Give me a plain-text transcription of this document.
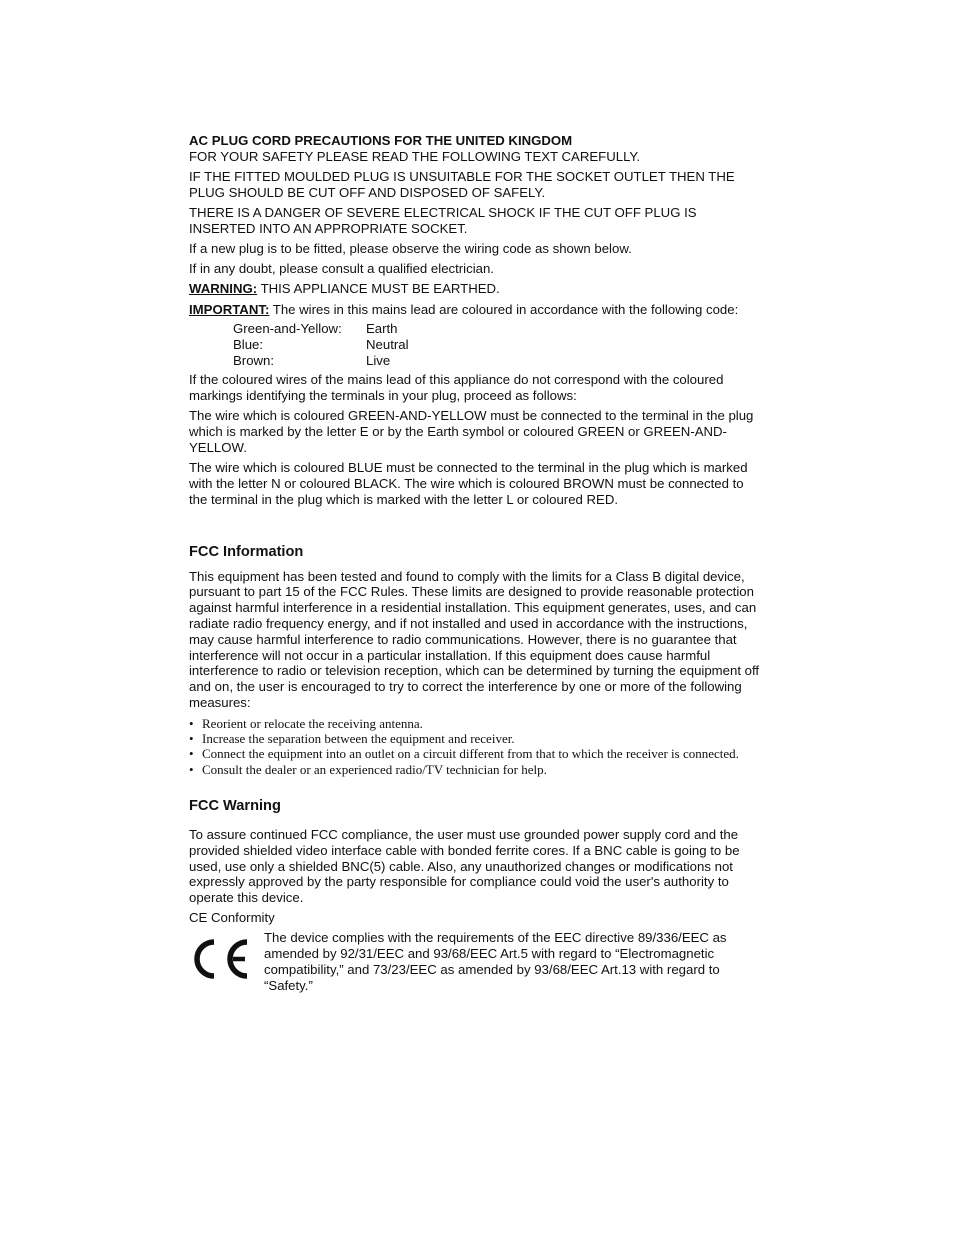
AC PLUG CORD PRECAUTIONS FOR THE UNITED KINGDOM

FOR YOUR SAFETY PLEASE READ THE FOLLOWING TEXT CAREFULLY.

IF THE FITTED MOULDED PLUG IS UNSUITABLE FOR THE SOCKET OUTLET THEN THE PLUG SHOULD BE CUT OFF AND DISPOSED OF SAFELY.

THERE IS A DANGER OF SEVERE ELECTRICAL SHOCK IF THE CUT OFF PLUG IS INSERTED INTO AN APPROPRIATE SOCKET.

If a new plug is to be fitted, please observe the wiring code as shown below.

If in any doubt, please consult a qualified electrician.

WARNING: THIS APPLIANCE MUST BE EARTHED.

IMPORTANT: The wires in this mains lead are coloured in accordance with the following code:

Green-and-Yellow:	Earth
Blue:	Neutral
Brown:	Live

If the coloured wires of the mains lead of this appliance do not correspond with the coloured markings identifying the terminals in your plug, proceed as follows:

The wire which is coloured GREEN-AND-YELLOW must be connected to the terminal in the plug which is marked by the letter E or by the Earth symbol or coloured GREEN or GREEN-AND-YELLOW.

The wire which is coloured BLUE must be connected to the terminal in the plug which is marked with the letter N or coloured BLACK. The wire which is coloured BROWN must be connected to the terminal in the plug which is marked with the letter L or coloured RED.

FCC Information

This equipment has been tested and found to comply with the limits for a Class B digital device, pursuant to part 15 of the FCC Rules. These limits are designed to provide reasonable protection against harmful interference in a residential installation. This equipment generates, uses, and can radiate radio frequency energy, and if not installed and used in accordance with the instructions, may cause harmful interference to radio communications. However, there is no guarantee that interference will not occur in a particular installation. If this equipment does cause harmful interference to radio or television reception, which can be determined by turning the equipment off and on, the user is encouraged to try to correct the interference by one or more of the following measures:

• Reorient or relocate the receiving antenna.
• Increase the separation between the equipment and receiver.
• Connect the equipment into an outlet on a circuit different from that to which the receiver is connected.
• Consult the dealer or an experienced radio/TV technician for help.
FCC Warning

To assure continued FCC compliance, the user must use grounded power supply cord and the provided shielded video interface cable with bonded ferrite cores. If a BNC cable is going to be used, use only a shielded BNC(5) cable. Also, any unauthorized changes or modifications not expressly approved by the party responsible for compliance could void the user's authority to operate this device.

CE Conformity

The device complies with the requirements of the EEC directive 89/336/EEC as amended by 92/31/EEC and 93/68/EEC Art.5 with regard to “Electromagnetic compatibility,” and 73/23/EEC as amended by 93/68/EEC Art.13 with regard to “Safety.”
